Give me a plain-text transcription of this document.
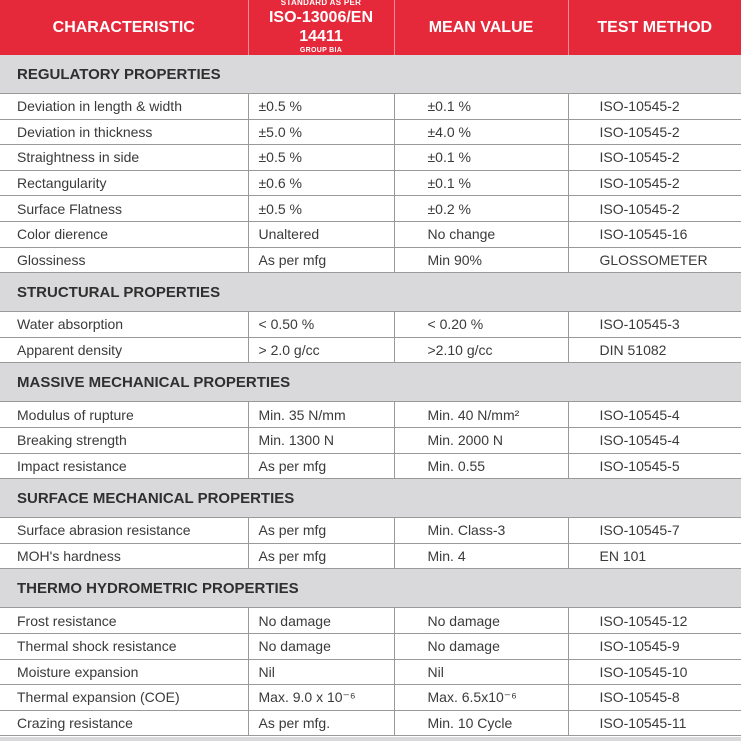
CHARACTERISTIC	STANDARD AS PER
ISO-13006/EN 14411
GROUP BIA	MEAN VALUE	TEST METHOD
REGULATORY PROPERTIES			
Deviation in length & width	±0.5 %	±0.1 %	ISO-10545-2
Deviation in thickness	±5.0 %	±4.0 %	ISO-10545-2
Straightness in side	±0.5 %	±0.1 %	ISO-10545-2
Rectangularity	±0.6 %	±0.1 %	ISO-10545-2
Surface Flatness	±0.5 %	±0.2 %	ISO-10545-2
Color dierence	Unaltered	No change	ISO-10545-16
Glossiness	As per mfg	Min 90%	GLOSSOMETER
STRUCTURAL PROPERTIES			
Water absorption	< 0.50 %	< 0.20 %	ISO-10545-3
Apparent density	> 2.0 g/cc	>2.10 g/cc	DIN 51082
MASSIVE MECHANICAL PROPERTIES			
Modulus of rupture	Min. 35 N/mm	Min. 40 N/mm²	ISO-10545-4
Breaking strength	Min. 1300 N	Min. 2000 N	ISO-10545-4
Impact resistance	As per mfg	Min. 0.55	ISO-10545-5
SURFACE MECHANICAL PROPERTIES			
Surface abrasion resistance	As per mfg	Min. Class-3	ISO-10545-7
MOH's hardness	As per mfg	Min. 4	EN 101
THERMO HYDROMETRIC PROPERTIES			
Frost resistance	No damage	No damage	ISO-10545-12
Thermal shock resistance	No damage	No damage	ISO-10545-9
Moisture expansion	Nil	Nil	ISO-10545-10
Thermal expansion (COE)	Max. 9.0 x 10⁻⁶	Max. 6.5x10⁻⁶	ISO-10545-8
Crazing resistance	As per mfg.	Min. 10 Cycle	ISO-10545-11
